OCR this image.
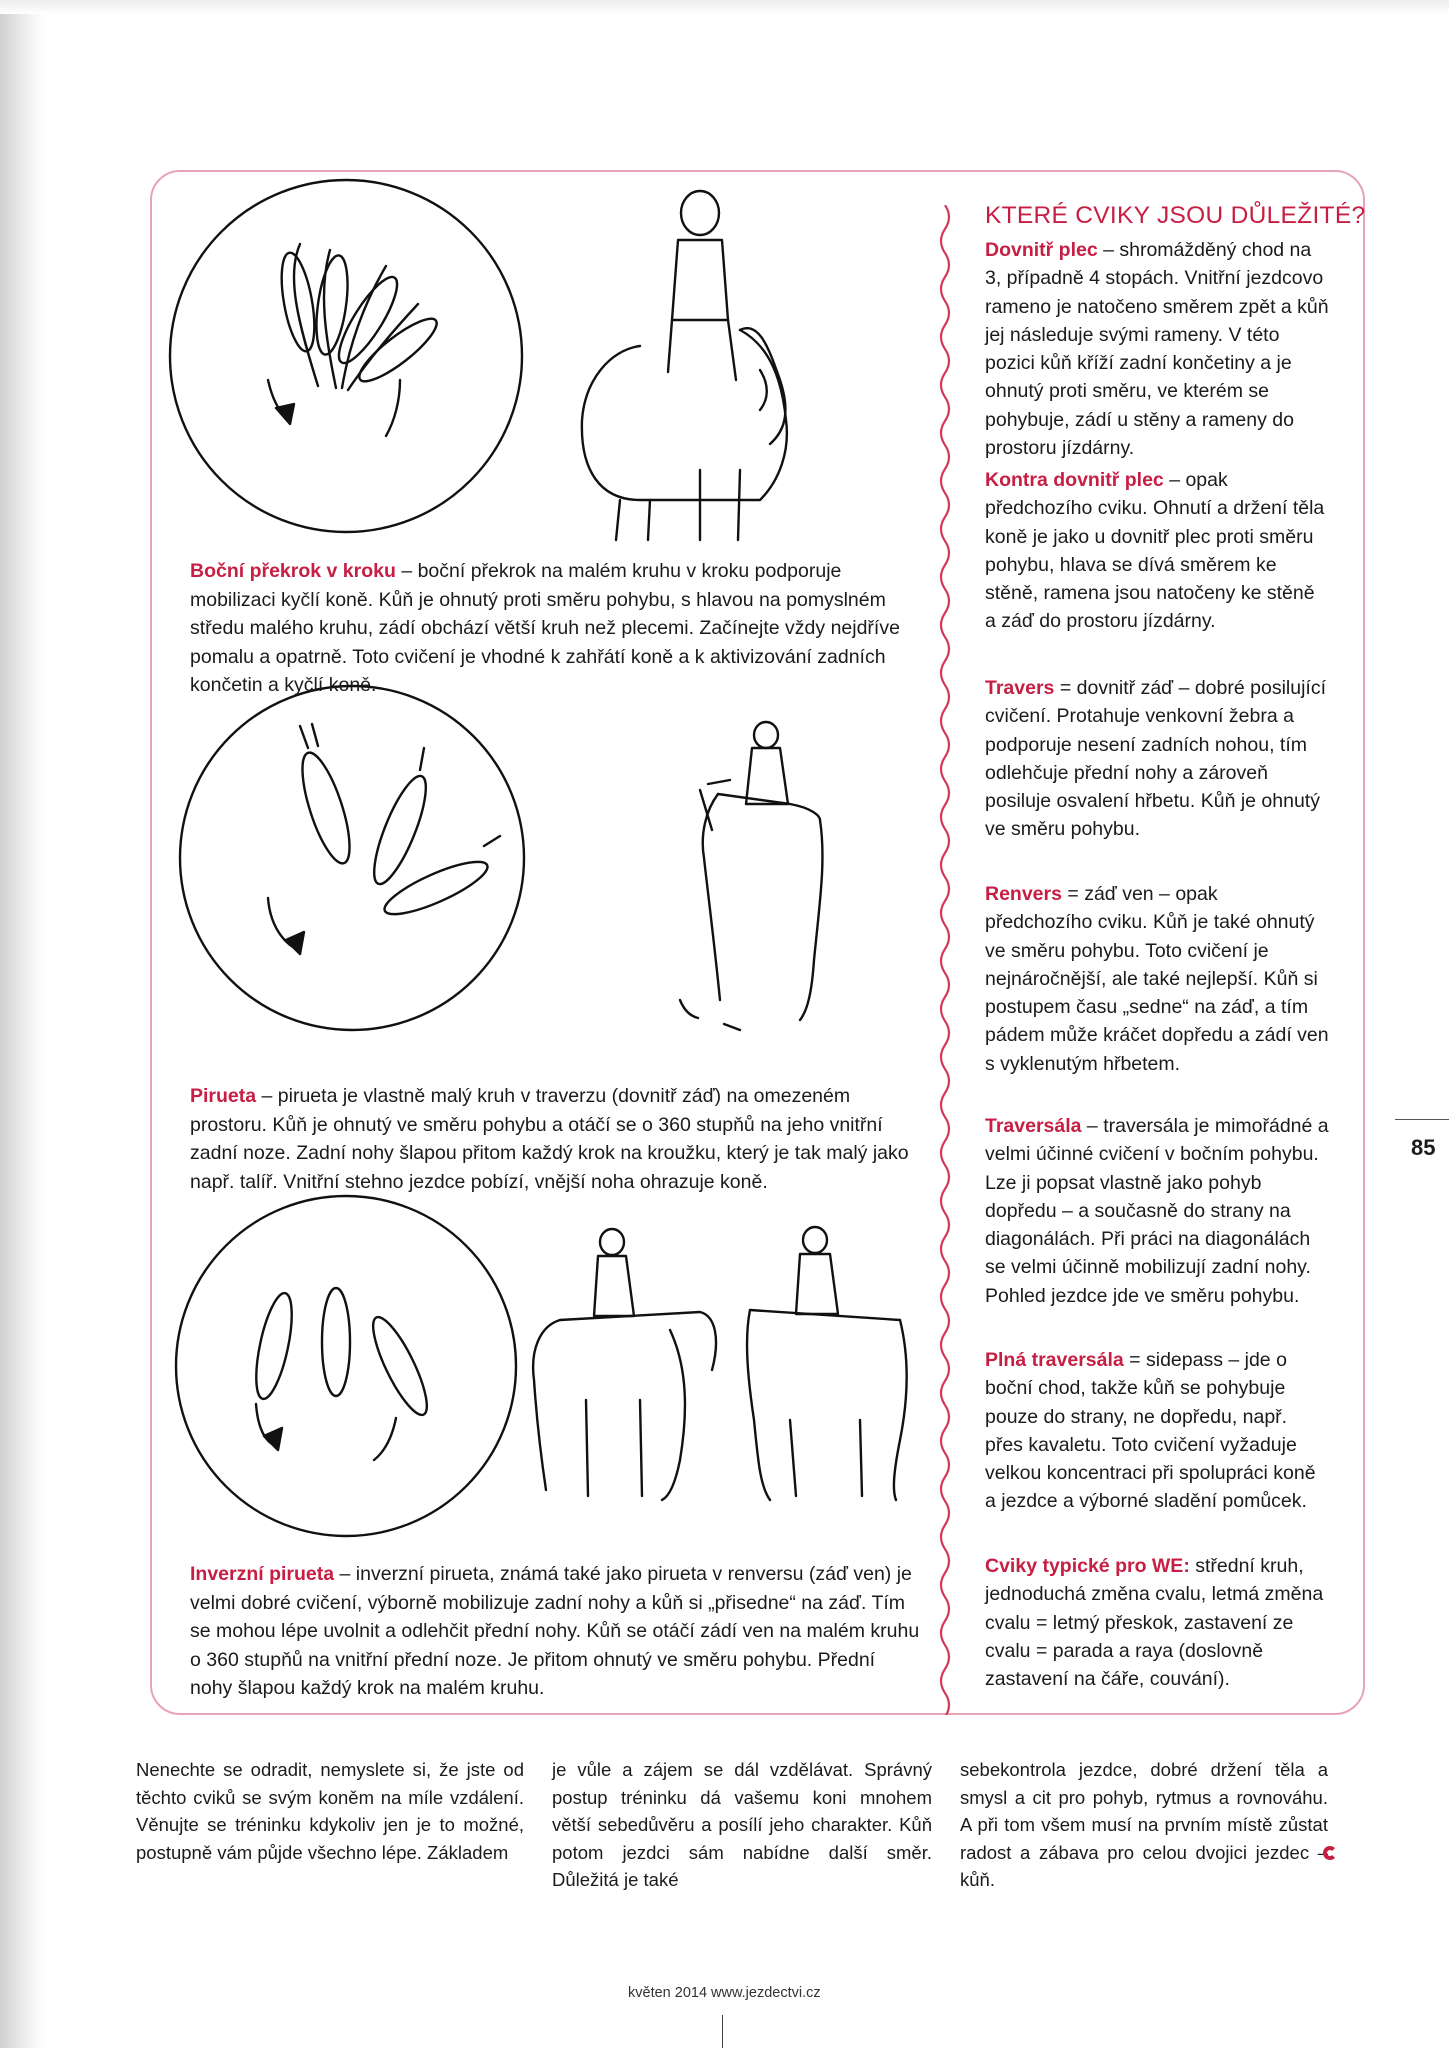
Boční překrok v kroku – boční překrok na malém kruhu v kroku podporuje mobilizaci kyčlí koně. Kůň je ohnutý proti směru pohybu, s hlavou na pomyslném středu malého kruhu, zádí obchází větší kruh než plecemi. Začínejte vždy nejdříve pomalu a opatrně. Toto cvičení je vhodné k zahřátí koně a k aktivizování zadních končetin a kyčlí koně.

Pirueta – pirueta je vlastně malý kruh v traverzu (dovnitř záď) na omezeném prostoru. Kůň je ohnutý ve směru pohybu a otáčí se o 360 stupňů na jeho vnitřní zadní noze. Zadní nohy šlapou přitom každý krok na kroužku, který je tak malý jako např. talíř. Vnitřní stehno jezdce pobízí, vnější noha ohrazuje koně.

Inverzní pirueta – inverzní pirueta, známá také jako pirueta v renversu (záď ven) je velmi dobré cvičení, výborně mobilizuje zadní nohy a kůň si „přisedne“ na záď. Tím se mohou lépe uvolnit a odlehčit přední nohy. Kůň se otáčí zádí ven na malém kruhu o 360 stupňů na vnitřní přední noze. Je přitom ohnutý ve směru pohybu. Přední nohy šlapou každý krok na malém kruhu.

KTERÉ CVIKY JSOU DŮLEŽITÉ?

Dovnitř plec – shromážděný chod na 3, případně 4 stopách. Vnitřní jezdcovo rameno je natočeno směrem zpět a kůň jej následuje svými rameny. V této pozici kůň kříží zadní končetiny a je ohnutý proti směru, ve kterém se pohybuje, zádí u stěny a rameny do prostoru jízdárny.

Kontra dovnitř plec – opak předchozího cviku. Ohnutí a držení těla koně je jako u dovnitř plec proti směru pohybu, hlava se dívá směrem ke stěně, ramena jsou natočeny ke stěně a záď do prostoru jízdárny.

Travers = dovnitř záď – dobré posilující cvičení. Protahuje venkovní žebra a podporuje nesení zadních nohou, tím odlehčuje přední nohy a zároveň posiluje osvalení hřbetu. Kůň je ohnutý ve směru pohybu.

Renvers = záď ven – opak předchozího cviku. Kůň je také ohnutý ve směru pohybu. Toto cvičení je nejnáročnější, ale také nejlepší. Kůň si postupem času „sedne“ na záď, a tím pádem může kráčet dopředu a zádí ven s vyklenutým hřbetem.

Traversála – traversála je mimořádné a velmi účinné cvičení v bočním pohybu. Lze ji popsat vlastně jako pohyb dopředu – a současně do strany na diagonálách. Při práci na diagonálách se velmi účinně mobilizují zadní nohy. Pohled jezdce jde ve směru pohybu.

Plná traversála = sidepass – jde o boční chod, takže kůň se pohybuje pouze do strany, ne dopředu, např. přes kavaletu. Toto cvičení vyžaduje velkou koncentraci při spolupráci koně a jezdce a výborné sladění pomůcek.

Cviky typické pro WE: střední kruh, jednoduchá změna cvalu, letmá změna cvalu = letmý přeskok, zastavení ze cvalu = parada a raya (doslovně zastavení na čáře, couvání).

Nenechte se odradit, nemyslete si, že jste od těchto cviků se svým koněm na míle vzdálení. Věnujte se tréninku kdykoliv jen je to možné, postupně vám půjde všechno lépe. Základem

je vůle a zájem se dál vzdělávat. Správný postup tréninku dá vašemu koni mnohem větší sebedůvěru a posílí jeho charakter. Kůň potom jezdci sám nabídne další směr. Důležitá je také

sebekontrola jezdce, dobré držení těla a smysl a cit pro pohyb, rytmus a rovnováhu. A při tom všem musí na prvním místě zůstat radost a zábava pro celou dvojici jezdec – kůň.

85
květen 2014 www.jezdectvi.cz
